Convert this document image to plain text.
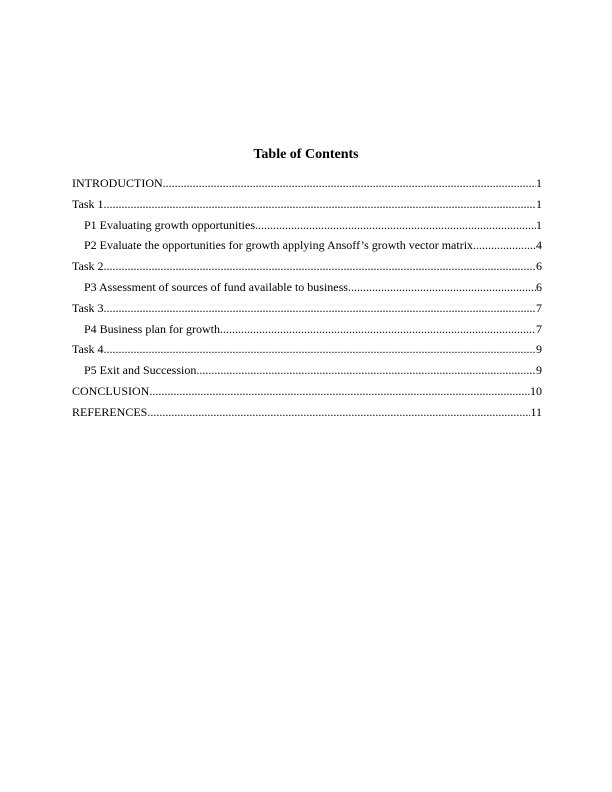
Table of Contents
INTRODUCTION .....	1
Task 1 .....	1
P1 Evaluating growth opportunities .....	1
P2 Evaluate the opportunities for growth applying Ansoff’s growth vector matrix .....	4
Task 2 .....	6
P3 Assessment of sources of fund available to business .....	6
Task 3 .....	7
P4 Business plan for growth .....	7
Task 4 .....	9
P5 Exit and Succession .....	9
CONCLUSION .....	10
REFERENCES .....	11
